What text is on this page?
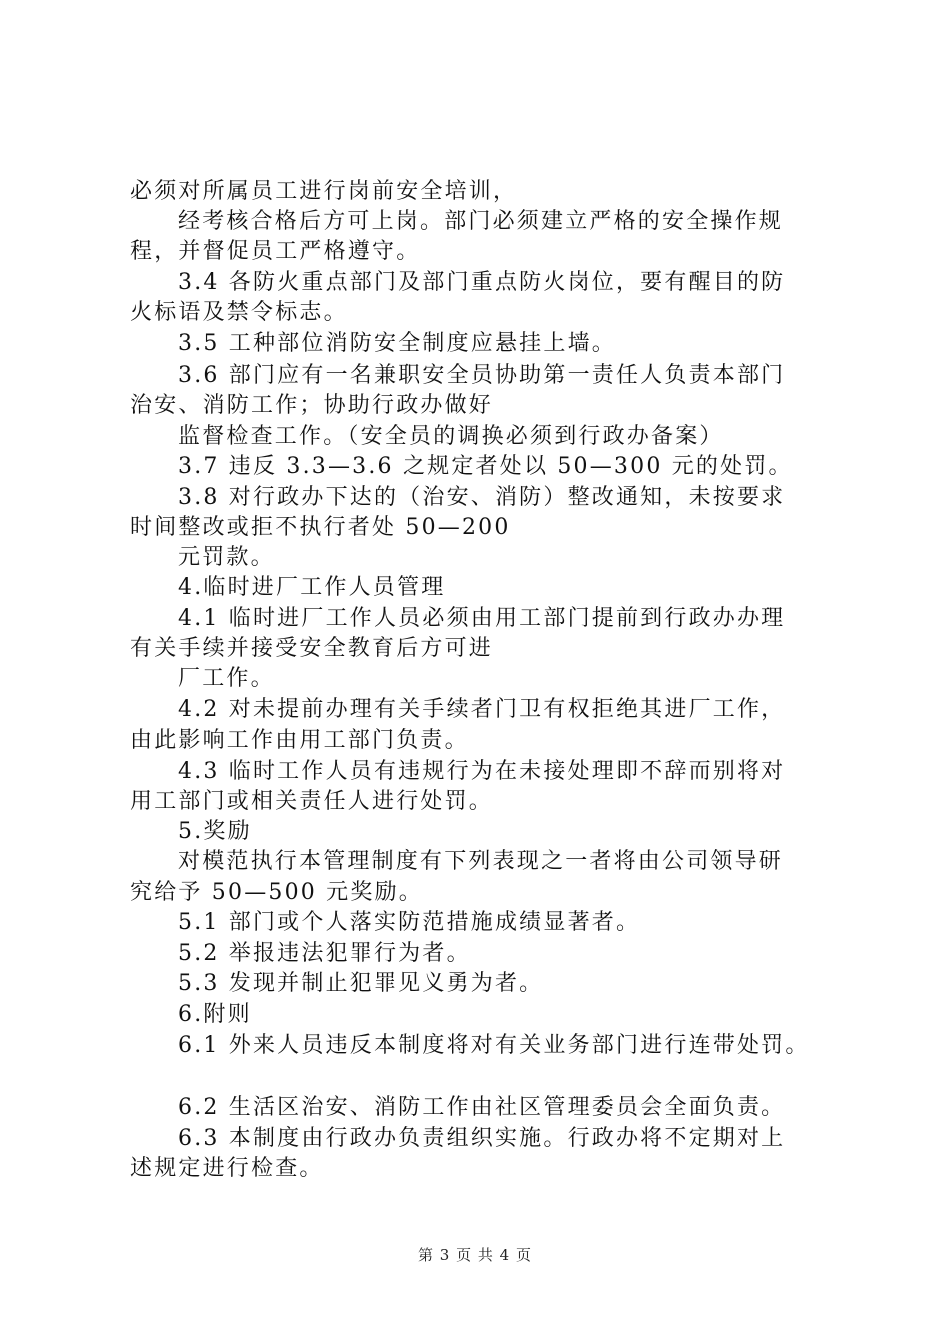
必须对所属员工进行岗前安全培训，
经考核合格后方可上岗。部门必须建立严格的安全操作规
程，并督促员工严格遵守。
3.4 各防火重点部门及部门重点防火岗位，要有醒目的防
火标语及禁令标志。
3.5 工种部位消防安全制度应悬挂上墙。
3.6 部门应有一名兼职安全员协助第一责任人负责本部门
治安、消防工作；协助行政办做好
监督检查工作。（安全员的调换必须到行政办备案）
3.7 违反 3.3—3.6 之规定者处以 50—300 元的处罚。
3.8 对行政办下达的（治安、消防）整改通知，未按要求
时间整改或拒不执行者处 50—200
元罚款。
4.临时进厂工作人员管理
4.1 临时进厂工作人员必须由用工部门提前到行政办办理
有关手续并接受安全教育后方可进
厂工作。
4.2 对未提前办理有关手续者门卫有权拒绝其进厂工作，
由此影响工作由用工部门负责。
4.3 临时工作人员有违规行为在未接处理即不辞而别将对
用工部门或相关责任人进行处罚。
5.奖励
对模范执行本管理制度有下列表现之一者将由公司领导研
究给予 50—500 元奖励。
5.1 部门或个人落实防范措施成绩显著者。
5.2 举报违法犯罪行为者。
5.3 发现并制止犯罪见义勇为者。
6.附则
6.1 外来人员违反本制度将对有关业务部门进行连带处罚。
6.2 生活区治安、消防工作由社区管理委员会全面负责。
6.3 本制度由行政办负责组织实施。行政办将不定期对上
述规定进行检查。
第 3 页 共 4 页
